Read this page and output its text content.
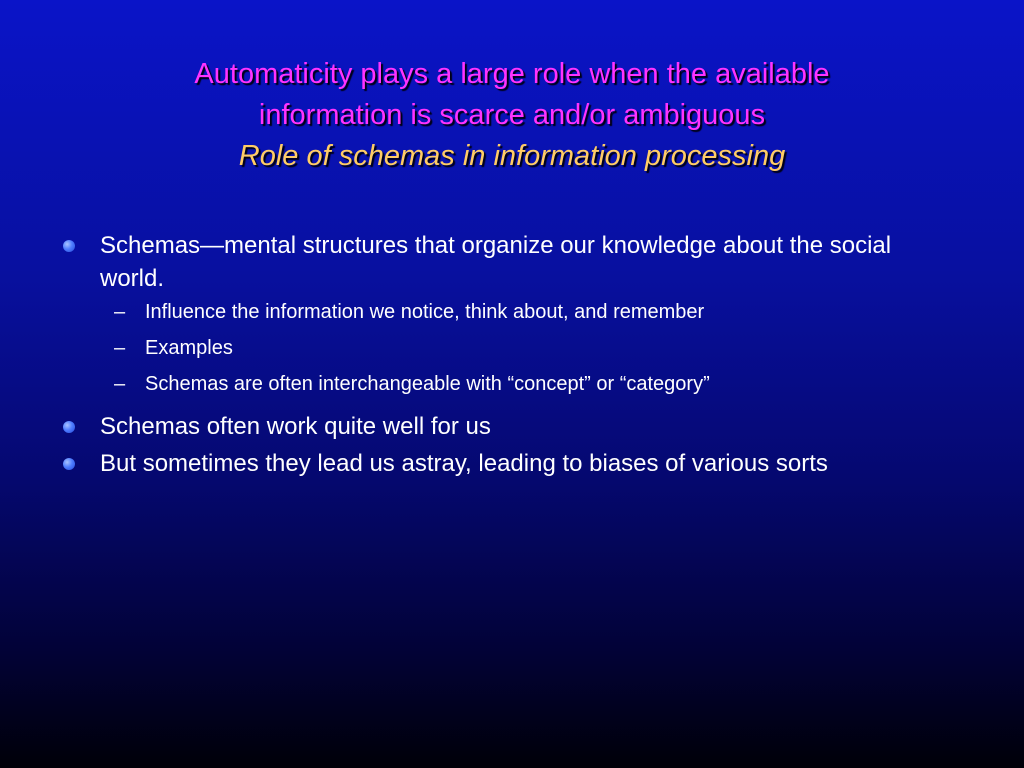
Automaticity plays a large role when the available
information is scarce and/or ambiguous
Role of schemas in information processing
Schemas—mental structures that organize our knowledge about the social world.
– Influence the information we notice, think about, and remember
– Examples
– Schemas are often interchangeable with “concept” or “category”
Schemas often work quite well for us
But sometimes they lead us astray, leading to biases of various sorts
